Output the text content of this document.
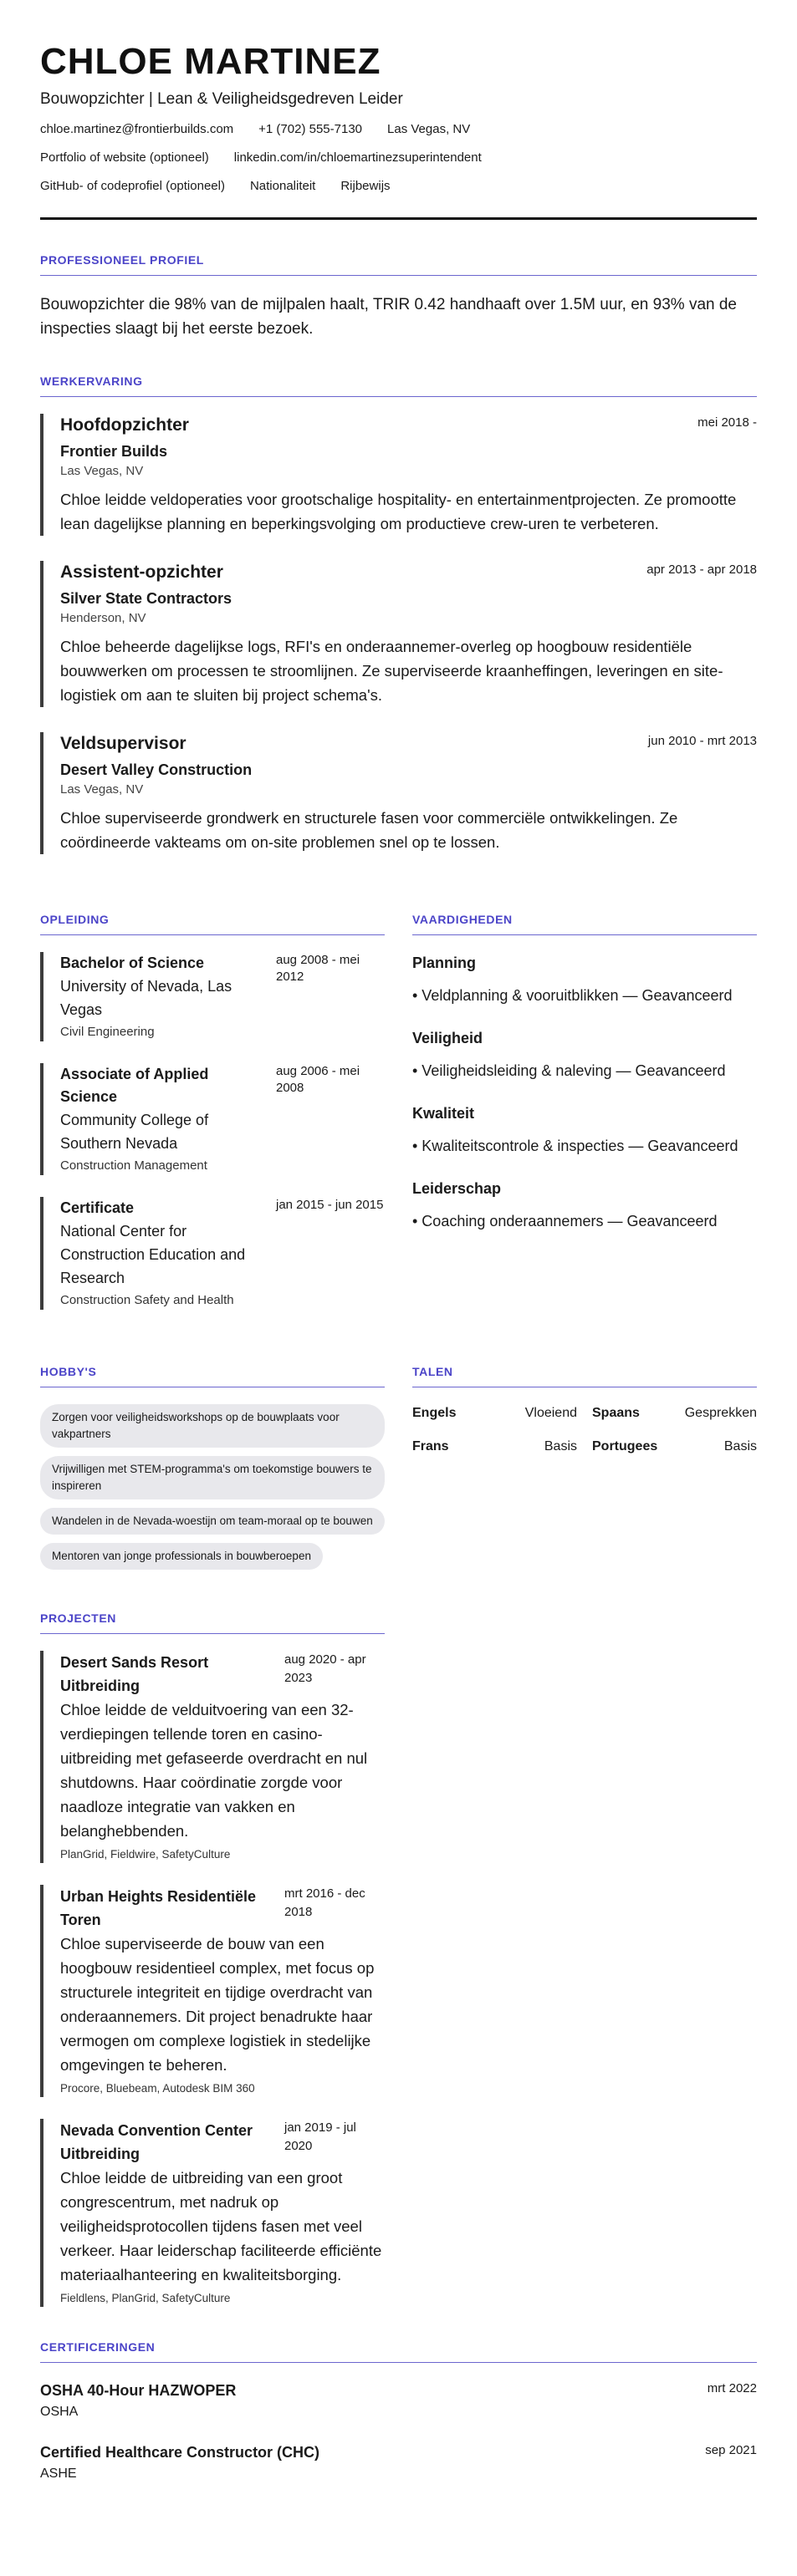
CHLOE MARTINEZ
Bouwopzichter | Lean & Veiligheidsgedreven Leider
chloe.martinez@frontierbuilds.com +1 (702) 555-7130 Las Vegas, NV
Portfolio of website (optioneel) linkedin.com/in/chloemartinezsuperintendent
GitHub- of codeprofiel (optioneel) Nationaliteit Rijbewijs
PROFESSIONEEL PROFIEL

Bouwopzichter die 98% van de mijlpalen haalt, TRIR 0.42 handhaaft over 1.5M uur, en 93% van de inspecties slaagt bij het eerste bezoek.

WERKERVARING
Hoofdopzichter	mei 2018 -
Frontier Builds
Las Vegas, NV
Chloe leidde veldoperaties voor grootschalige hospitality- en entertainmentprojecten. Ze promootte lean dagelijkse planning en beperkingsvolging om productieve crew-uren te verbeteren.
Assistent-opzichter	apr 2013 - apr 2018
Silver State Contractors
Henderson, NV
Chloe beheerde dagelijkse logs, RFI's en onderaannemer-overleg op hoogbouw residentiële bouwwerken om processen te stroomlijnen. Ze superviseerde kraanheffingen, leveringen en site-logistiek om aan te sluiten bij project schema's.
Veldsupervisor	jun 2010 - mrt 2013
Desert Valley Construction
Las Vegas, NV
Chloe superviseerde grondwerk en structurele fasen voor commerciële ontwikkelingen. Ze coördineerde vakteams om on-site problemen snel op te lossen.
OPLEIDING
Bachelor of Science
University of Nevada, Las Vegas
aug 2008 - mei 2012
Civil Engineering
Associate of Applied Science
Community College of Southern Nevada
aug 2006 - mei 2008
Construction Management
Certificate
National Center for Construction Education and Research
jan 2015 - jun 2015
Construction Safety and Health
VAARDIGHEDEN
Planning
• Veldplanning & vooruitblikken — Geavanceerd
Veiligheid
• Veiligheidsleiding & naleving — Geavanceerd
Kwaliteit
• Kwaliteitscontrole & inspecties — Geavanceerd
Leiderschap
• Coaching onderaannemers — Geavanceerd
HOBBY'S
Zorgen voor veiligheidsworkshops op de bouwplaats voor vakpartners
Vrijwilligen met STEM-programma's om toekomstige bouwers te inspireren
Wandelen in de Nevada-woestijn om team-moraal op te bouwen
Mentoren van jonge professionals in bouwberoepen
TALEN
Engels	Vloeiend Spaans	Gesprekken
Frans	Basis Portugees	Basis
PROJECTEN
Desert Sands Resort Uitbreiding
aug 2020 - apr 2023
Chloe leidde de velduitvoering van een 32-verdiepingen tellende toren en casino-uitbreiding met gefaseerde overdracht en nul shutdowns. Haar coördinatie zorgde voor naadloze integratie van vakken en belanghebbenden.
PlanGrid, Fieldwire, SafetyCulture
Urban Heights Residentiële Toren
mrt 2016 - dec 2018
Chloe superviseerde de bouw van een hoogbouw residentieel complex, met focus op structurele integriteit en tijdige overdracht van onderaannemers. Dit project benadrukte haar vermogen om complexe logistiek in stedelijke omgevingen te beheren.
Procore, Bluebeam, Autodesk BIM 360
Nevada Convention Center Uitbreiding
jan 2019 - jul 2020
Chloe leidde de uitbreiding van een groot congrescentrum, met nadruk op veiligheidsprotocollen tijdens fasen met veel verkeer. Haar leiderschap faciliteerde efficiënte materiaalhanteering en kwaliteitsborging.
Fieldlens, PlanGrid, SafetyCulture
CERTIFICERINGEN
OSHA 40-Hour HAZWOPER	mrt 2022
OSHA
Certified Healthcare Constructor (CHC)	sep 2021
ASHE
